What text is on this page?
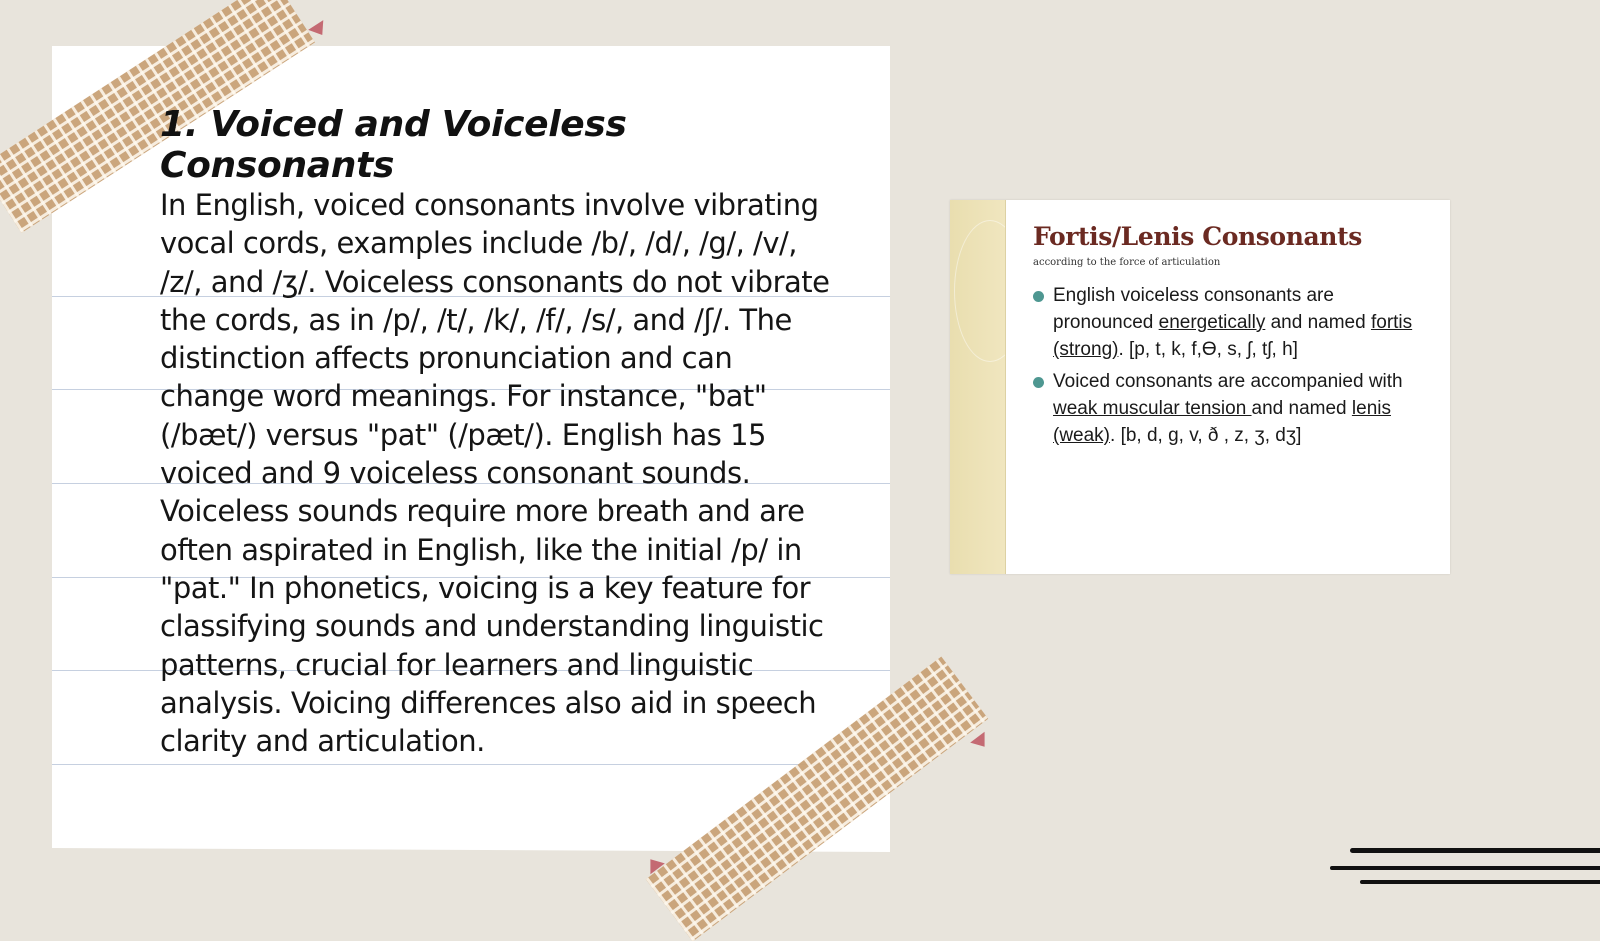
1. Voiced and Voiceless Consonants

In English, voiced consonants involve vibrating vocal cords, examples include /b/, /d/, /g/, /v/, /z/, and /ʒ/. Voiceless consonants do not vibrate the cords, as in /p/, /t/, /k/, /f/, /s/, and /ʃ/. The distinction affects pronunciation and can change word meanings. For instance, "bat" (/bæt/) versus "pat" (/pæt/). English has 15 voiced and 9 voiceless consonant sounds. Voiceless sounds require more breath and are often aspirated in English, like the initial /p/ in "pat." In phonetics, voicing is a key feature for classifying sounds and understanding linguistic patterns, crucial for learners and linguistic analysis. Voicing differences also aid in speech clarity and articulation.

Fortis/Lenis Consonants

according to the force of articulation

English voiceless consonants are pronounced energetically and named fortis (strong). [p, t, k, f,Ɵ, s, ʃ, tʃ, h]
Voiced consonants are accompanied with weak muscular tension and named lenis (weak). [b, d, g, v, ð , z, ʒ, dʒ]
